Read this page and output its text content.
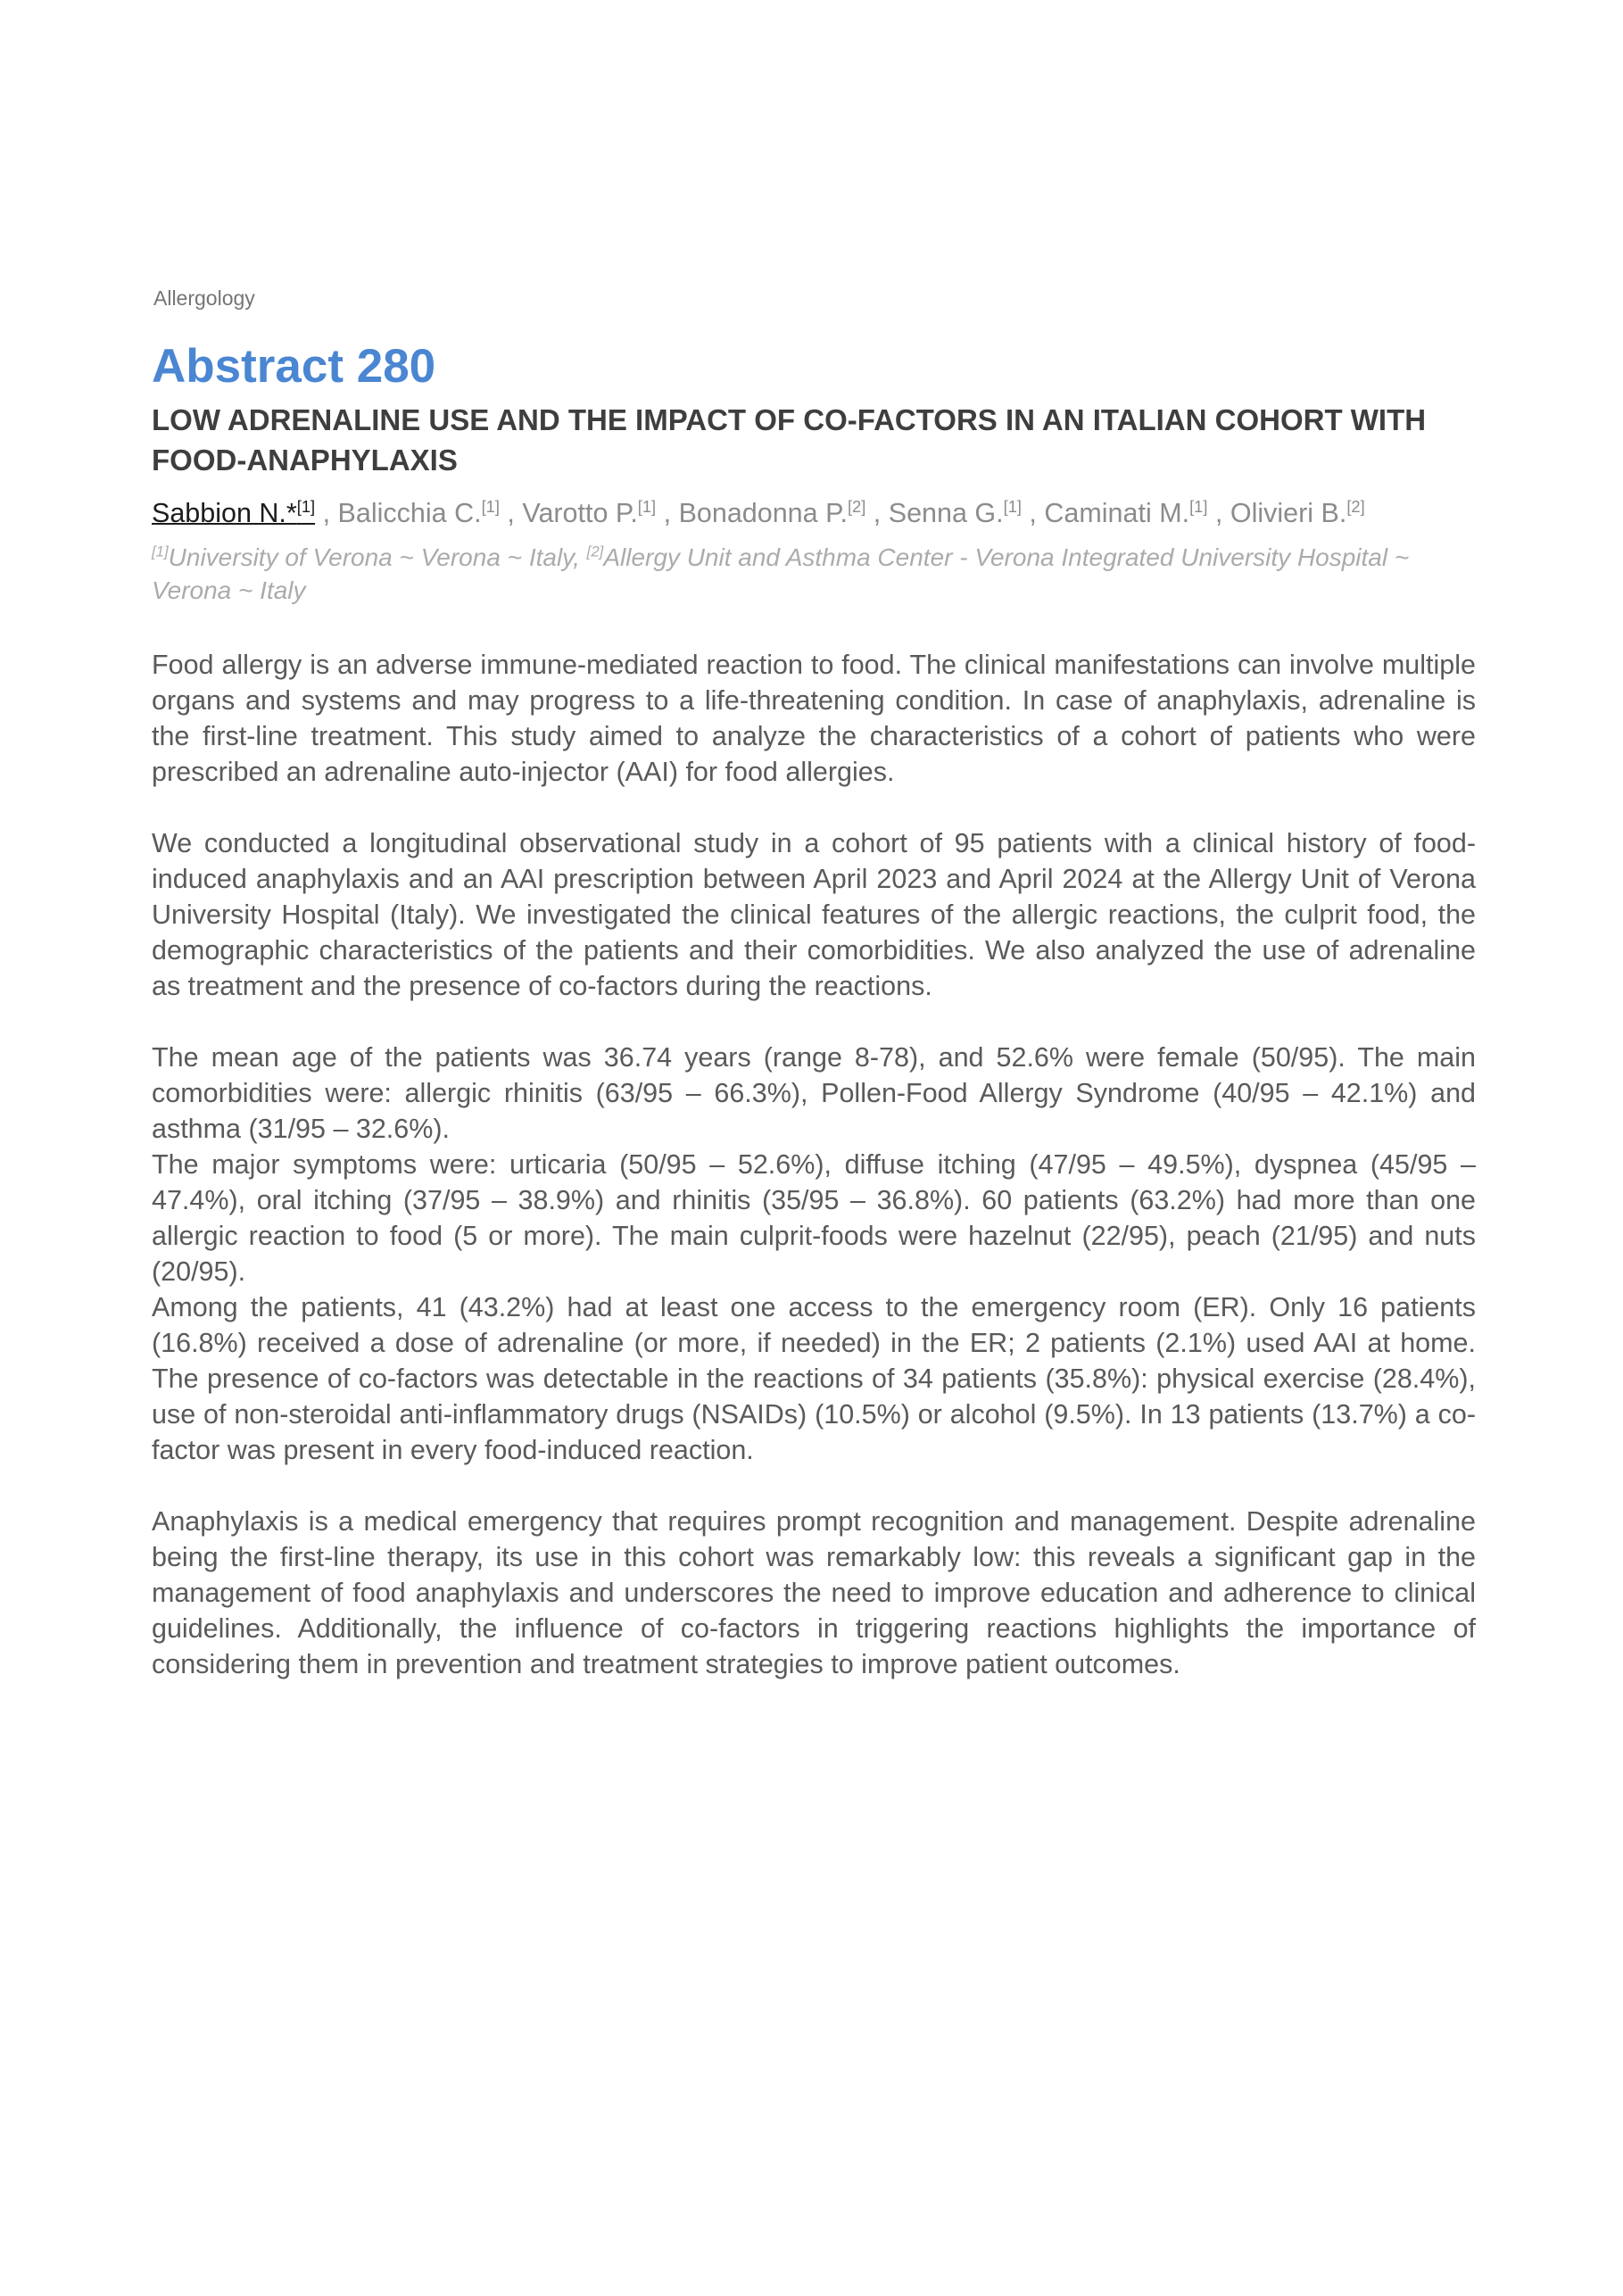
Allergology
Abstract 280
LOW ADRENALINE USE AND THE IMPACT OF CO-FACTORS IN AN ITALIAN COHORT WITH FOOD-ANAPHYLAXIS

Sabbion N.*[1] , Balicchia C.[1] , Varotto P.[1] , Bonadonna P.[2] , Senna G.[1] , Caminati M.[1] , Olivieri B.[2]

[1]University of Verona ~ Verona ~ Italy, [2]Allergy Unit and Asthma Center - Verona Integrated University Hospital ~ Verona ~ Italy

Food allergy is an adverse immune-mediated reaction to food. The clinical manifestations can involve multiple organs and systems and may progress to a life-threatening condition. In case of anaphylaxis, adrenaline is the first-line treatment. This study aimed to analyze the characteristics of a cohort of patients who were prescribed an adrenaline auto-injector (AAI) for food allergies.

We conducted a longitudinal observational study in a cohort of 95 patients with a clinical history of food-induced anaphylaxis and an AAI prescription between April 2023 and April 2024 at the Allergy Unit of Verona University Hospital (Italy). We investigated the clinical features of the allergic reactions, the culprit food, the demographic characteristics of the patients and their comorbidities. We also analyzed the use of adrenaline as treatment and the presence of co-factors during the reactions.

The mean age of the patients was 36.74 years (range 8-78), and 52.6% were female (50/95). The main comorbidities were: allergic rhinitis (63/95 – 66.3%), Pollen-Food Allergy Syndrome (40/95 – 42.1%) and asthma (31/95 – 32.6%).

The major symptoms were: urticaria (50/95 – 52.6%), diffuse itching (47/95 – 49.5%), dyspnea (45/95 – 47.4%), oral itching (37/95 – 38.9%) and rhinitis (35/95 – 36.8%). 60 patients (63.2%) had more than one allergic reaction to food (5 or more). The main culprit-foods were hazelnut (22/95), peach (21/95) and nuts (20/95).

Among the patients, 41 (43.2%) had at least one access to the emergency room (ER). Only 16 patients (16.8%) received a dose of adrenaline (or more, if needed) in the ER; 2 patients (2.1%) used AAI at home. The presence of co-factors was detectable in the reactions of 34 patients (35.8%): physical exercise (28.4%), use of non-steroidal anti-inflammatory drugs (NSAIDs) (10.5%) or alcohol (9.5%). In 13 patients (13.7%) a co-factor was present in every food-induced reaction.

Anaphylaxis is a medical emergency that requires prompt recognition and management. Despite adrenaline being the first-line therapy, its use in this cohort was remarkably low: this reveals a significant gap in the management of food anaphylaxis and underscores the need to improve education and adherence to clinical guidelines. Additionally, the influence of co-factors in triggering reactions highlights the importance of considering them in prevention and treatment strategies to improve patient outcomes.
